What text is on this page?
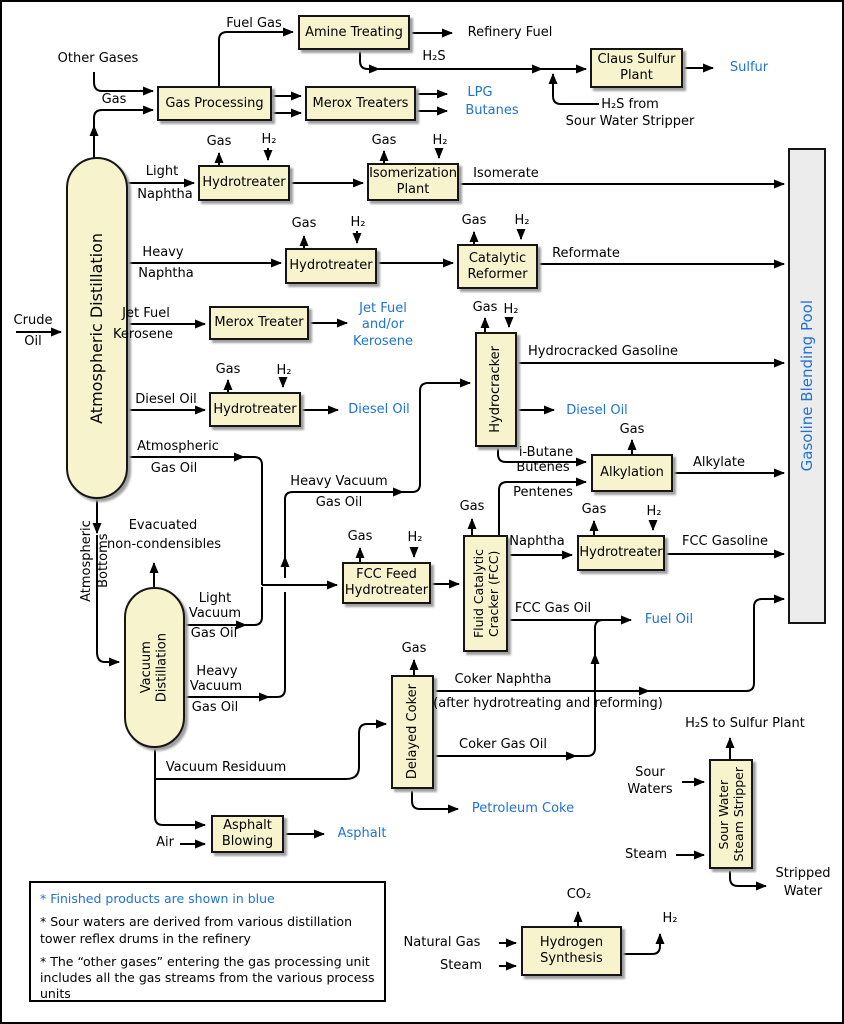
Atmospheric Distillation
Vacuum Distillation
Gas Processing
Amine Treating
Merox Treaters
Claus Sulfur
Plant
Hydrotreater
Isomerization
Plant
Hydrotreater	Catalytic
Reformer
Merox Treater
Hydrotreater	Hydrocracker
Alkylation
FCC Feed
Hydrotreater	Fluid Catalytic Cracker (FCC)	Hydrotreater
Delayed Coker
Asphalt
Blowing	Sour Water Steam Stripper
Hydrogen
Synthesis
Gasoline Blending Pool
Other Gases
Gas
Fuel Gas
Refinery Fuel
H₂S
Sulfur
LPG
Butanes	H₂S from
Sour Water Stripper
Light
Naphtha
Gas H₂	Gas	H₂
Isomerate
Heavy
Naphtha
Gas	H₂	Gas H₂
Reformate
Crude
Oil
Jet Fuel
Kerosene
Jet Fuel
and/or
Kerosene
Diesel Oil
Gas	H₂
Diesel Oil
Atmospheric
Gas Oil
Heavy Vacuum
Gas Oil
Evacuated
non-condensibles
Atmospheric Bottoms
Light
Vacuum
Gas Oil
Heavy
Vacuum
Gas Oil
Vacuum Residuum
Gas H₂
Hydrocracked Gasoline
Diesel Oil
i-Butane
Butenes
Pentenes
Gas
Alkylate
Gas
Gas	H₂	Naphtha
Gas	H₂
FCC Gasoline
FCC Gas Oil
Fuel Oil
Gas
Coker Naphtha
(after hydrotreating and reforming)
Coker Gas Oil
Petroleum Coke
Air
Asphalt
Sour
Waters
Steam
H₂S to Sulfur Plant
Stripped
Water
Natural Gas
Steam
CO₂
H₂

* Finished products are shown in blue

* Sour waters are derived from various distillation tower reflex drums in the refinery

* The “other gases” entering the gas processing unit includes all the gas streams from the various process units
